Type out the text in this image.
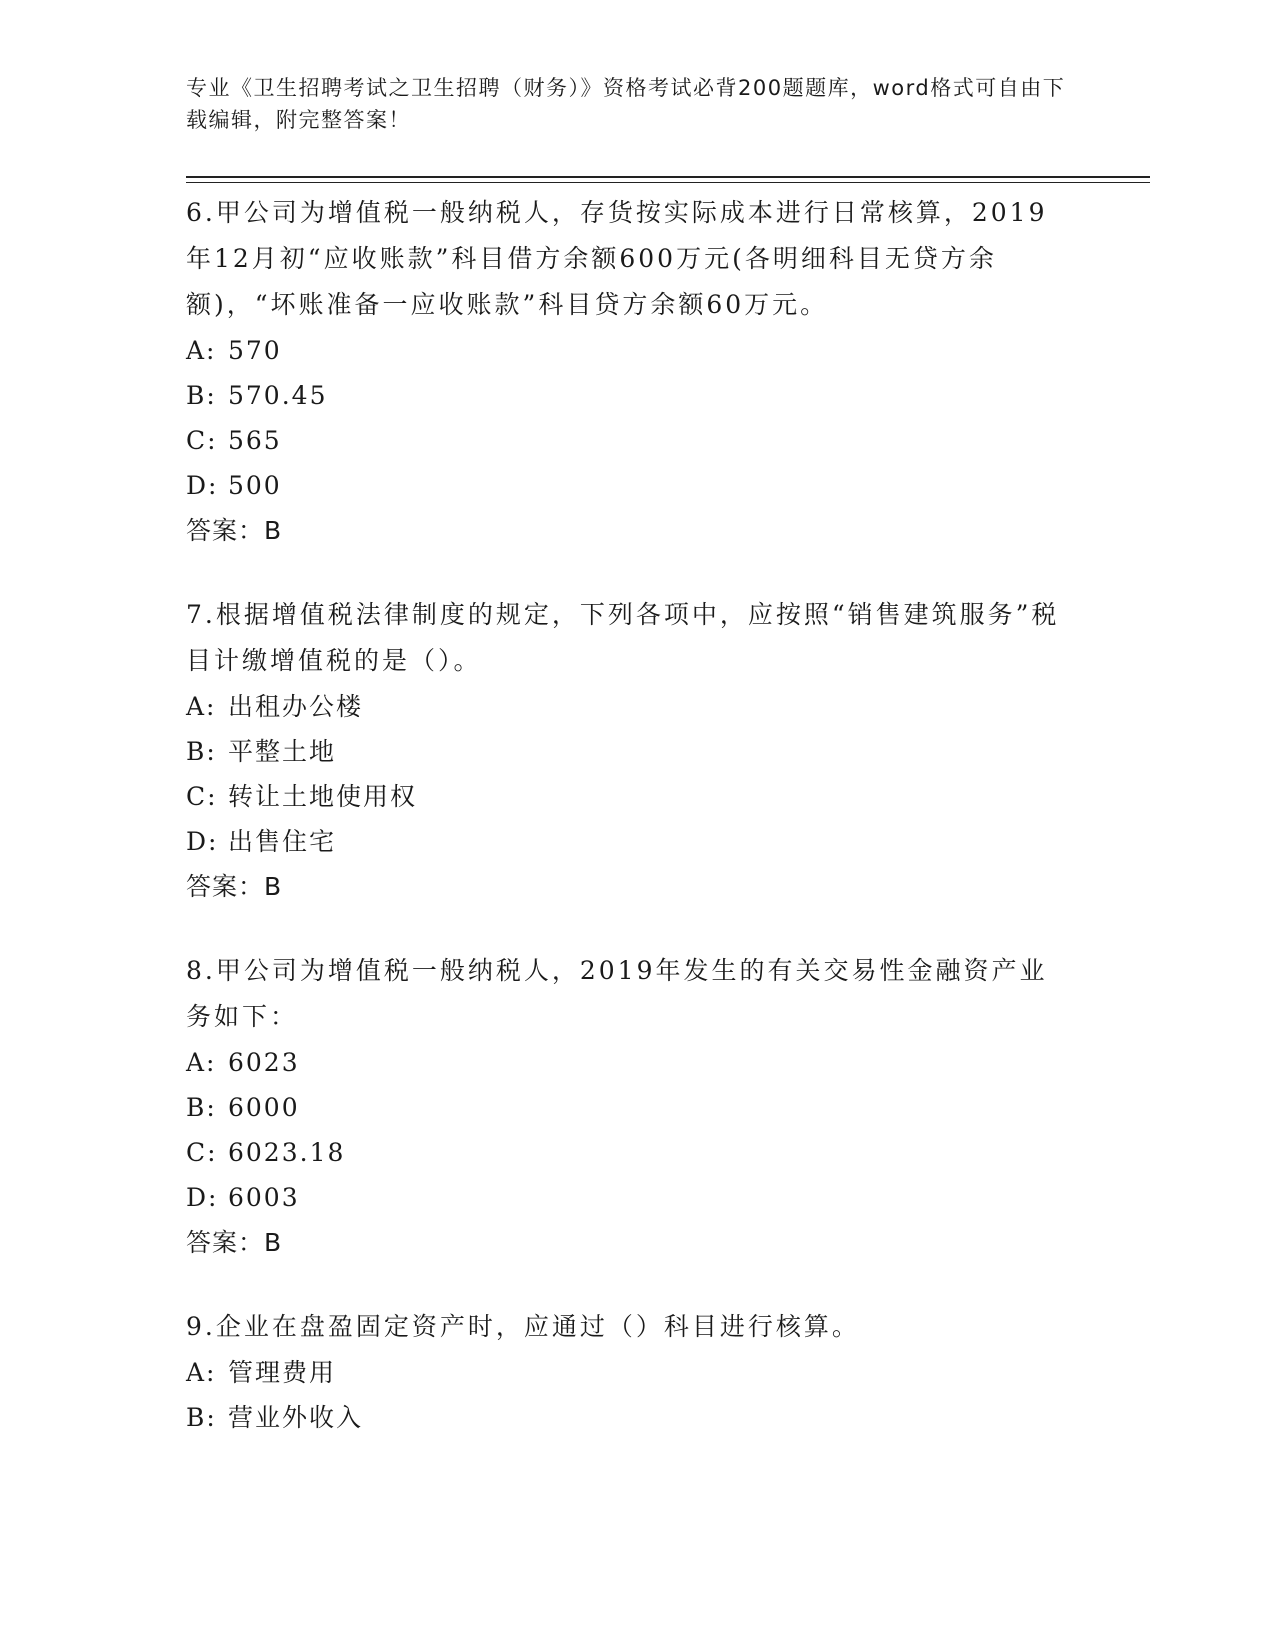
专业《卫生招聘考试之卫生招聘（财务）》资格考试必背200题题库，word格式可自由下载编辑，附完整答案！

6.甲公司为增值税一般纳税人，存货按实际成本进行日常核算，2019年12月初“应收账款”科目借方余额600万元(各明细科目无贷方余额)，“坏账准备一应收账款”科目贷方余额60万元。

A: 570

B: 570.45

C: 565

D: 500

答案：B

7.根据增值税法律制度的规定，下列各项中，应按照“销售建筑服务”税目计缴增值税的是（）。

A: 出租办公楼

B: 平整土地

C: 转让土地使用权

D: 出售住宅

答案：B

8.甲公司为增值税一般纳税人，2019年发生的有关交易性金融资产业务如下：

A: 6023

B: 6000

C: 6023.18

D: 6003

答案：B

9.企业在盘盈固定资产时，应通过（）科目进行核算。

A: 管理费用

B: 营业外收入
